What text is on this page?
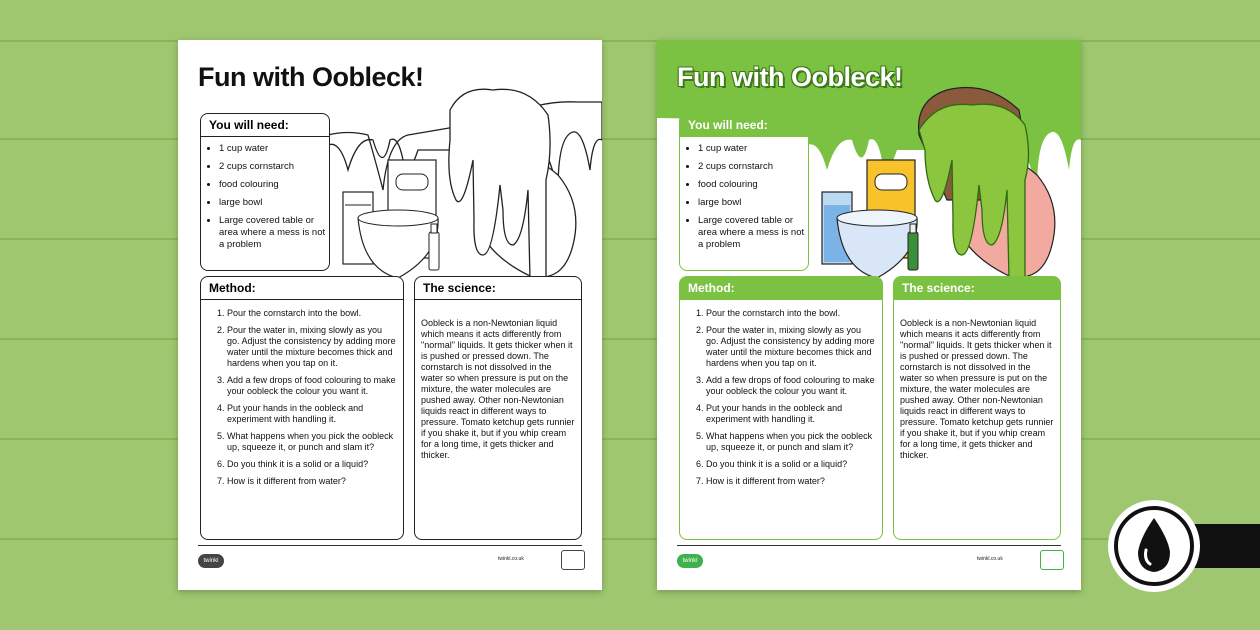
Fun with Oobleck!
You will need:
• 1 cup water
• 2 cups cornstarch
• food colouring
• large bowl
• Large covered table or area where a mess is not a problem
Method:
1. Pour the cornstarch into the bowl.
2. Pour the water in, mixing slowly as you go. Adjust the consistency by adding more water until the mixture becomes thick and hardens when you tap on it.
3. Add a few drops of food colouring to make your oobleck the colour you want it.
4. Put your hands in the oobleck and experiment with handling it.
5. What happens when you pick the oobleck up, squeeze it, or punch and slam it?
6. Do you think it is a solid or a liquid?
7. How is it different from water?
The science:

Oobleck is a non-Newtonian liquid which means it acts differently from "normal" liquids. It gets thicker when it is pushed or pressed down. The cornstarch is not dissolved in the water so when pressure is put on the mixture, the water molecules are pushed away. Other non-Newtonian liquids react in different ways to pressure. Tomato ketchup gets runnier if you shake it, but if you whip cream for a long time, it gets thicker and thicker.

twinkl	twinkl.co.uk
Fun with Oobleck!
You will need:
• 1 cup water
• 2 cups cornstarch
• food colouring
• large bowl
• Large covered table or area where a mess is not a problem
Method:
1. Pour the cornstarch into the bowl.
2. Pour the water in, mixing slowly as you go. Adjust the consistency by adding more water until the mixture becomes thick and hardens when you tap on it.
3. Add a few drops of food colouring to make your oobleck the colour you want it.
4. Put your hands in the oobleck and experiment with handling it.
5. What happens when you pick the oobleck up, squeeze it, or punch and slam it?
6. Do you think it is a solid or a liquid?
7. How is it different from water?
The science:

Oobleck is a non-Newtonian liquid which means it acts differently from "normal" liquids. It gets thicker when it is pushed or pressed down. The cornstarch is not dissolved in the water so when pressure is put on the mixture, the water molecules are pushed away. Other non-Newtonian liquids react in different ways to pressure. Tomato ketchup gets runnier if you shake it, but if you whip cream for a long time, it gets thicker and thicker.

twinkl	twinkl.co.uk
